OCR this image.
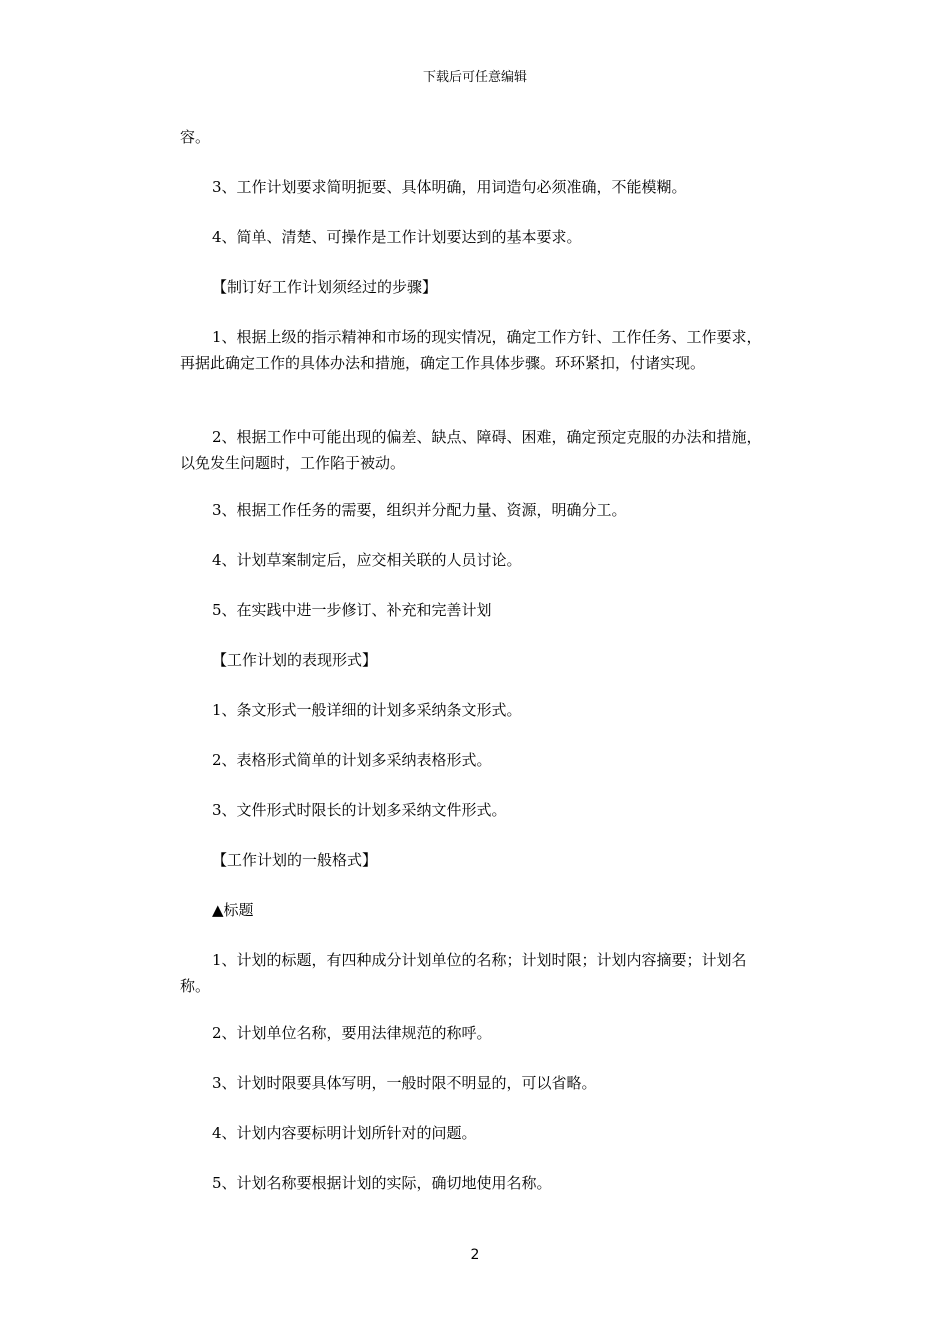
下载后可任意编辑

容。

3、工作计划要求简明扼要、具体明确，用词造句必须准确，不能模糊。

4、简单、清楚、可操作是工作计划要达到的基本要求。

【制订好工作计划须经过的步骤】

1、根据上级的指示精神和市场的现实情况，确定工作方针、工作任务、工作要求，再据此确定工作的具体办法和措施，确定工作具体步骤。环环紧扣，付诸实现。

2、根据工作中可能出现的偏差、缺点、障碍、困难，确定预定克服的办法和措施，以免发生问题时，工作陷于被动。

3、根据工作任务的需要，组织并分配力量、资源，明确分工。

4、计划草案制定后，应交相关联的人员讨论。

5、在实践中进一步修订、补充和完善计划

【工作计划的表现形式】

1、条文形式一般详细的计划多采纳条文形式。

2、表格形式简单的计划多采纳表格形式。

3、文件形式时限长的计划多采纳文件形式。

【工作计划的一般格式】

▲标题

1、计划的标题，有四种成分计划单位的名称；计划时限；计划内容摘要；计划名称。

2、计划单位名称，要用法律规范的称呼。

3、计划时限要具体写明，一般时限不明显的，可以省略。

4、计划内容要标明计划所针对的问题。

5、计划名称要根据计划的实际，确切地使用名称。

2
